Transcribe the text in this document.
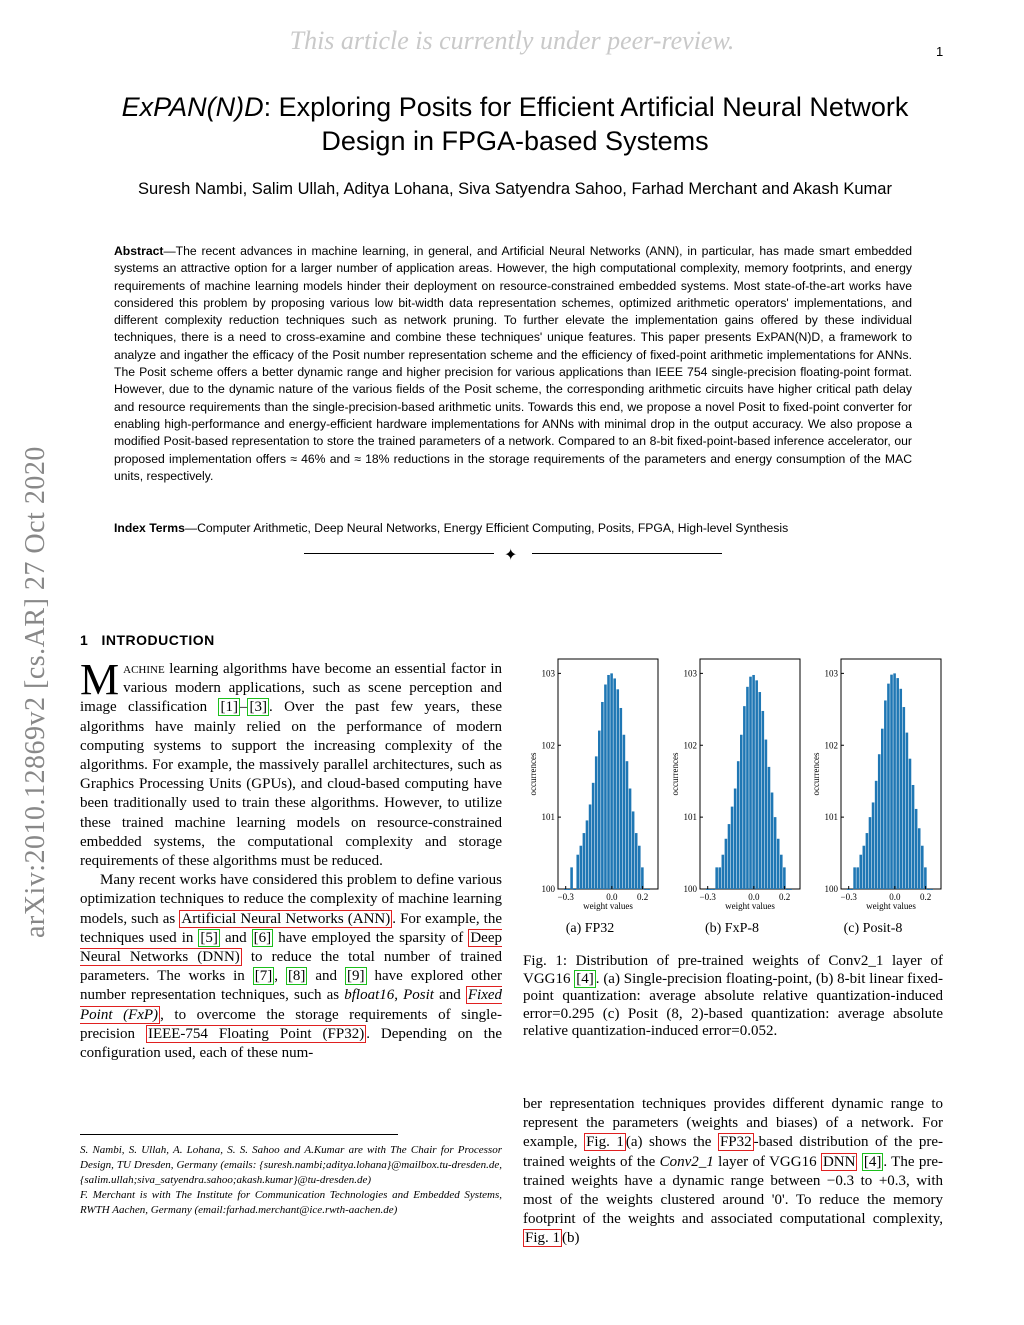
This article is currently under peer-review.	1
ExPAN(N)D: Exploring Posits for Efficient Artificial Neural Network
Design in FPGA-based Systems
Suresh Nambi, Salim Ullah, Aditya Lohana, Siva Satyendra Sahoo, Farhad Merchant and Akash Kumar
Abstract—The recent advances in machine learning, in general, and Artificial Neural Networks (ANN), in particular, has made smart embedded systems an attractive option for a larger number of application areas. However, the high computational complexity, memory footprints, and energy requirements of machine learning models hinder their deployment on resource-constrained embedded systems. Most state-of-the-art works have considered this problem by proposing various low bit-width data representation schemes, optimized arithmetic operators' implementations, and different complexity reduction techniques such as network pruning. To further elevate the implementation gains offered by these individual techniques, there is a need to cross-examine and combine these techniques' unique features. This paper presents ExPAN(N)D, a framework to analyze and ingather the efficacy of the Posit number representation scheme and the efficiency of fixed-point arithmetic implementations for ANNs. The Posit scheme offers a better dynamic range and higher precision for various applications than IEEE 754 single-precision floating-point format. However, due to the dynamic nature of the various fields of the Posit scheme, the corresponding arithmetic circuits have higher critical path delay and resource requirements than the single-precision-based arithmetic units. Towards this end, we propose a novel Posit to fixed-point converter for enabling high-performance and energy-efficient hardware implementations for ANNs with minimal drop in the output accuracy. We also propose a modified Posit-based representation to store the trained parameters of a network. Compared to an 8-bit fixed-point-based inference accelerator, our proposed implementation offers ≈ 46% and ≈ 18% reductions in the storage requirements of the parameters and energy consumption of the MAC units, respectively.
Index Terms—Computer Arithmetic, Deep Neural Networks, Energy Efficient Computing, Posits, FPGA, High-level Synthesis
✦
arXiv:2010.12869v2 [cs.AR] 27 Oct 2020 1 INTRODUCTION

Machine learning algorithms have become an essential factor in various modern applications, such as scene perception and image classification [1] – [3] . Over the past few years, these algorithms have mainly relied on the performance of modern computing systems to support the increasing complexity of the algorithms. For example, the massively parallel architectures, such as Graphics Processing Units (GPUs), and cloud-based computing have been traditionally used to train these algorithms. However, to utilize these trained machine learning models on resource-constrained embedded systems, the computational complexity and storage requirements of these algorithms must be reduced.

Many recent works have considered this problem to define various optimization techniques to reduce the complexity of machine learning models, such as Artificial Neural Networks (ANN) . For example, the techniques used in [5] and [6] have employed the sparsity of Deep Neural Networks (DNN) to reduce the total number of trained parameters. The works in [7] , [8] and [9] have explored other number representation techniques, such as bfloat16, Posit and Fixed Point (FxP) , to overcome the storage requirements of single-precision IEEE-754 Floating Point (FP32) . Depending on the configuration used, each of these num-

S. Nambi, S. Ullah, A. Lohana, S. S. Sahoo and A.Kumar are with The Chair for Processor Design, TU Dresden, Germany (emails: {suresh.nambi;aditya.lohana}@mailbox.tu-dresden.de, {salim.ullah;siva_satyendra.sahoo;akash.kumar}@tu-dresden.de)
F. Merchant is with The Institute for Communication Technologies and Embedded Systems, RWTH Aachen, Germany (email:farhad.merchant@ice.rwth-aachen.de)
100
101
102
103
−0.3	0.0 0.2
weight values
occurrences
100
101
102
103
−0.3	0.0 0.2
weight values
occurrences
100
101
102
103
−0.3	0.0 0.2
weight values
occurrences
(a) FP32	(b) FxP-8	(c) Posit-8
Fig. 1: Distribution of pre-trained weights of Conv2_1 layer of VGG16 [4] . (a) Single-precision floating-point, (b) 8-bit linear fixed-point quantization: average absolute relative quantization-induced error=0.295 (c) Posit (8, 2)-based quantization: average absolute relative quantization-induced error=0.052.
ber representation techniques provides different dynamic range to represent the parameters (weights and biases) of a network. For example, Fig. 1 (a) shows the FP32 -based distribution of the pre-trained weights of the Conv2_1 layer of VGG16 DNN [4] . The pre-trained weights have a dynamic range between −0.3 to +0.3, with most of the weights clustered around '0'. To reduce the memory footprint of the weights and associated computational complexity, Fig. 1 (b)
